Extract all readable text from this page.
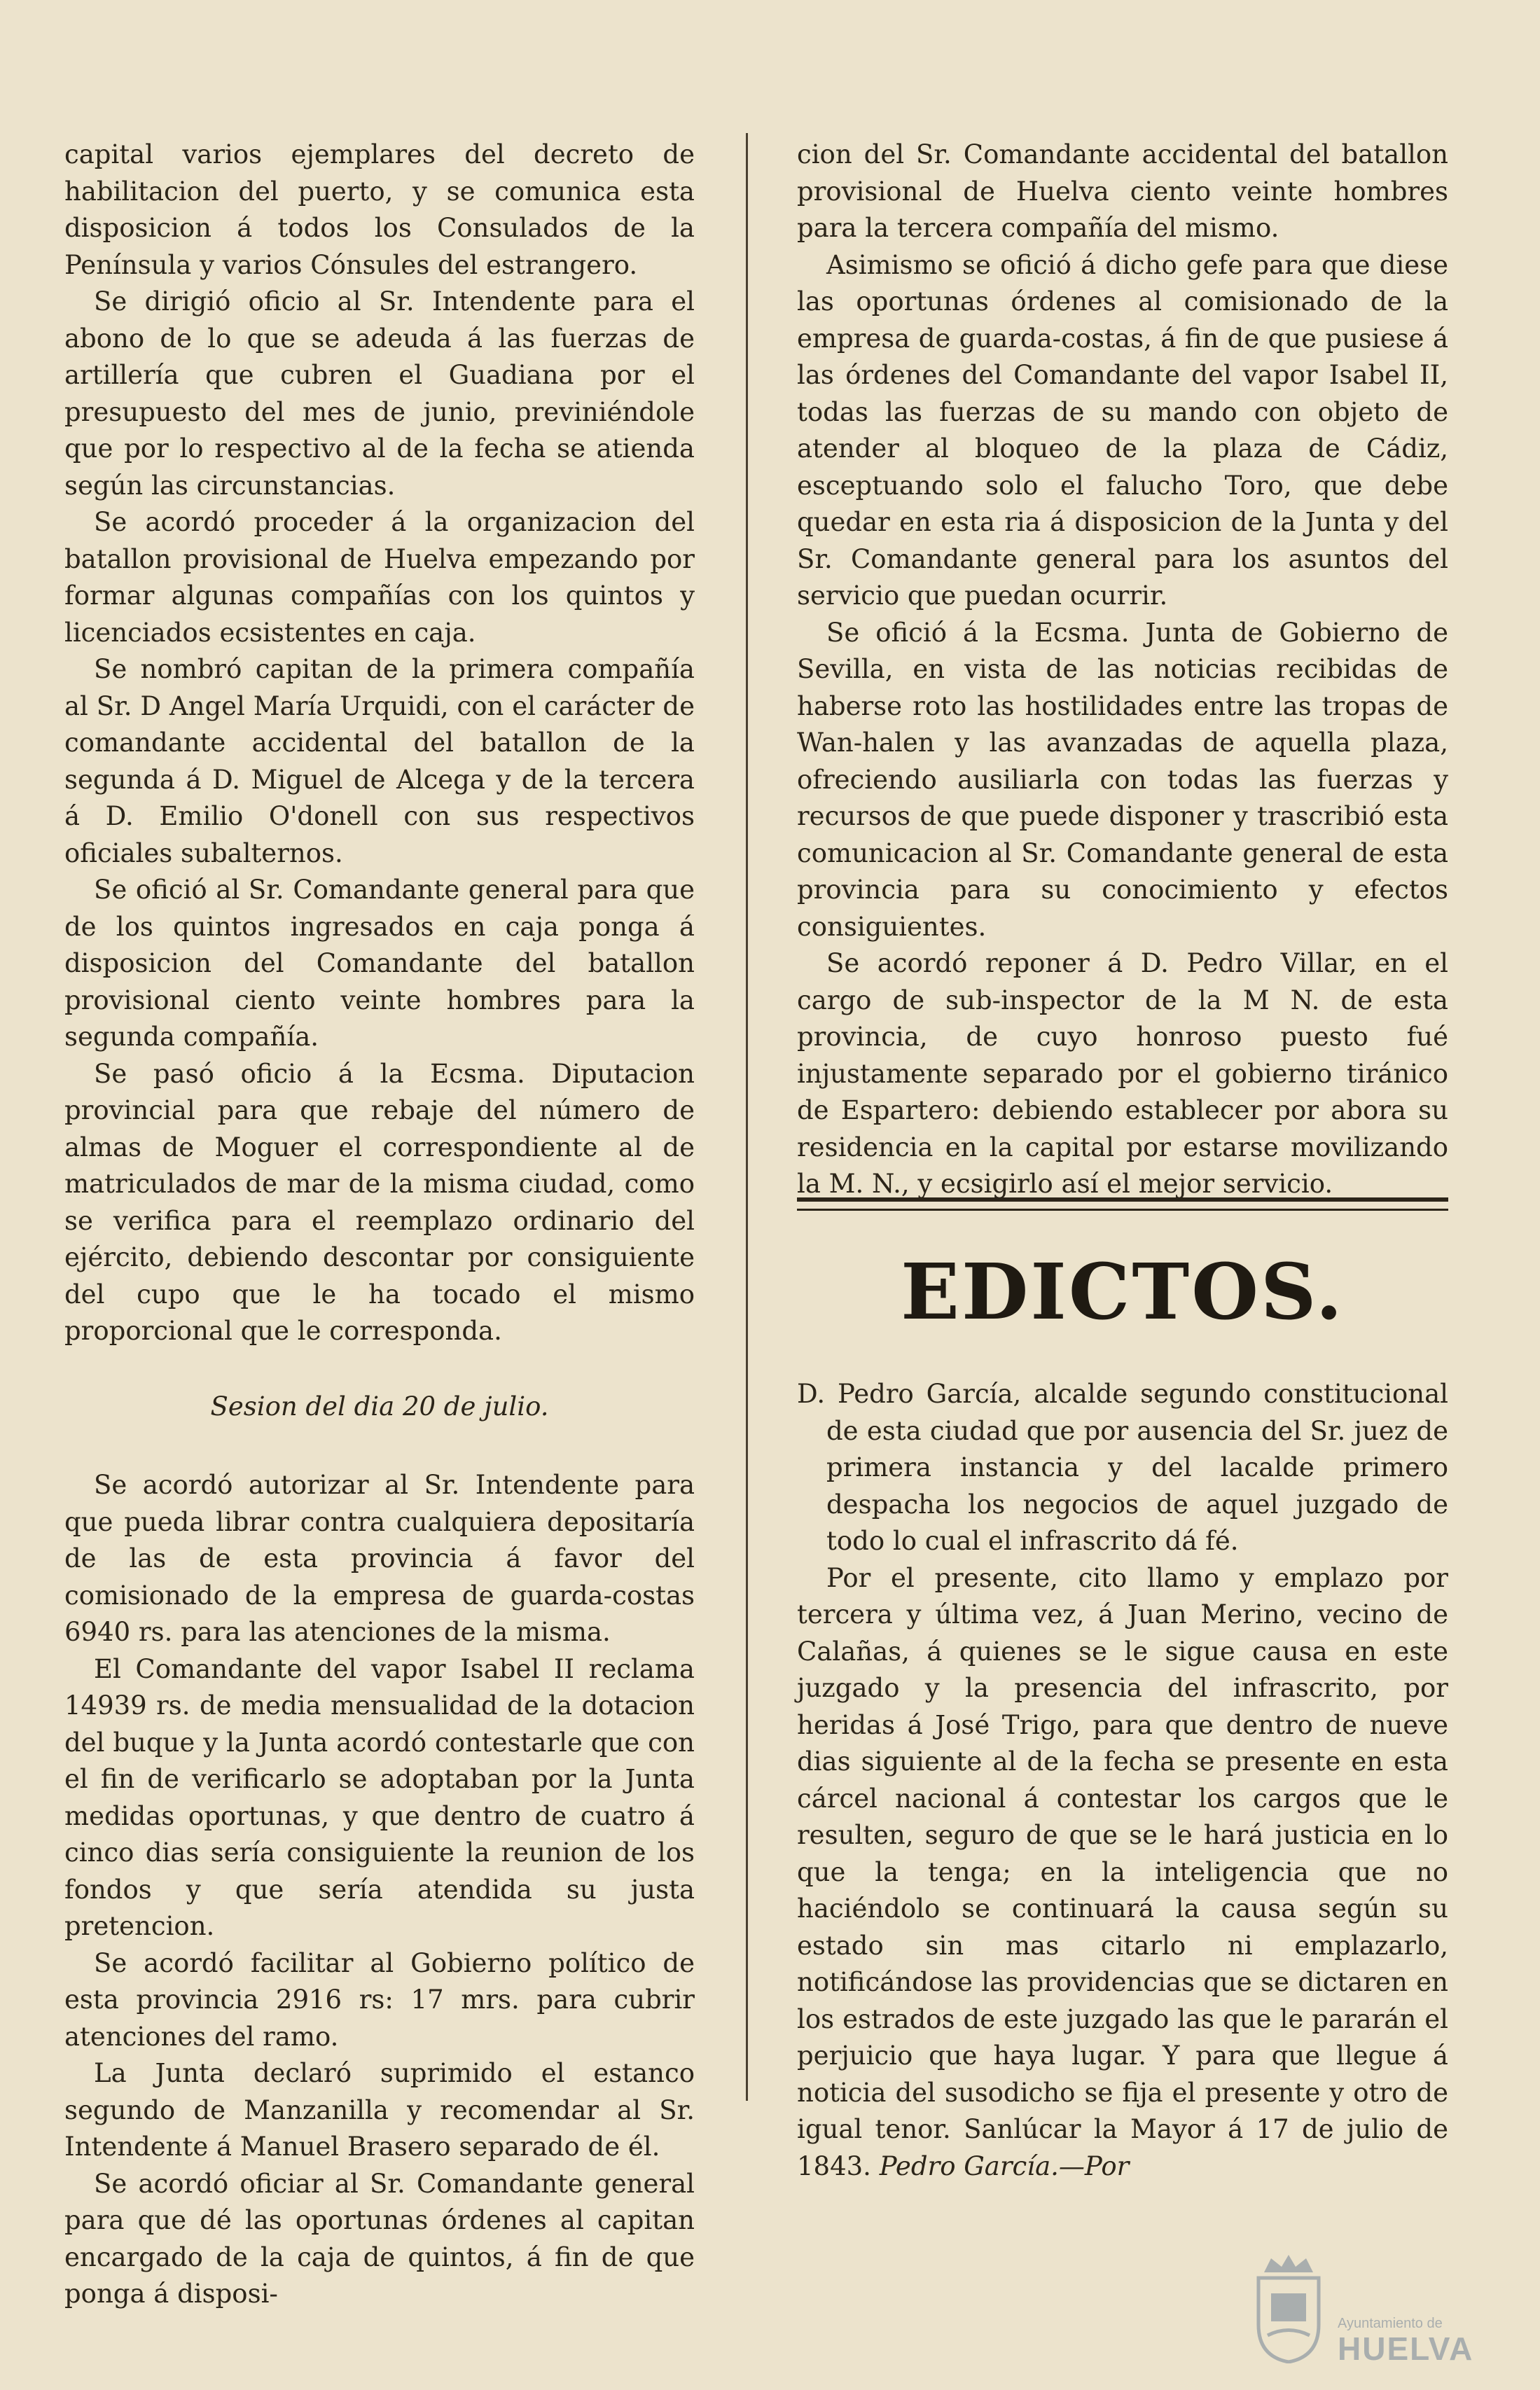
capital varios ejemplares del decreto de habilitacion del puerto, y se comunica esta disposicion á todos los Consulados de la Península y varios Cónsules del estrangero.

Se dirigió oficio al Sr. Intendente para el abono de lo que se adeuda á las fuerzas de artillería que cubren el Guadiana por el presupuesto del mes de junio, previniéndole que por lo respectivo al de la fecha se atienda según las circunstancias.

Se acordó proceder á la organizacion del batallon provisional de Huelva empezando por formar algunas compañías con los quintos y licenciados ecsistentes en caja.

Se nombró capitan de la primera compañía al Sr. D Angel María Urquidi, con el carácter de comandante accidental del batallon de la segunda á D. Miguel de Alcega y de la tercera á D. Emilio O'donell con sus respectivos oficiales subalternos.

Se ofició al Sr. Comandante general para que de los quintos ingresados en caja ponga á disposicion del Comandante del batallon provisional ciento veinte hombres para la segunda compañía.

Se pasó oficio á la Ecsma. Diputacion provincial para que rebaje del número de almas de Moguer el correspondiente al de matriculados de mar de la misma ciudad, como se verifica para el reemplazo ordinario del ejército, debiendo descontar por consiguiente del cupo que le ha tocado el mismo proporcional que le corresponda.

Sesion del dia 20 de julio.

Se acordó autorizar al Sr. Intendente para que pueda librar contra cualquiera depositaría de las de esta provincia á favor del comisionado de la empresa de guarda-costas 6940 rs. para las atenciones de la misma.

El Comandante del vapor Isabel II reclama 14939 rs. de media mensualidad de la dotacion del buque y la Junta acordó contestarle que con el fin de verificarlo se adoptaban por la Junta medidas oportunas, y que dentro de cuatro á cinco dias sería consiguiente la reunion de los fondos y que sería atendida su justa pretencion.

Se acordó facilitar al Gobierno político de esta provincia 2916 rs: 17 mrs. para cubrir atenciones del ramo.

La Junta declaró suprimido el estanco segundo de Manzanilla y recomendar al Sr. Intendente á Manuel Brasero separado de él.

Se acordó oficiar al Sr. Comandante general para que dé las oportunas órdenes al capitan encargado de la caja de quintos, á fin de que ponga á disposi-

cion del Sr. Comandante accidental del batallon provisional de Huelva ciento veinte hombres para la tercera compañía del mismo.

Asimismo se ofició á dicho gefe para que diese las oportunas órdenes al comisionado de la empresa de guarda-costas, á fin de que pusiese á las órdenes del Comandante del vapor Isabel II, todas las fuerzas de su mando con objeto de atender al bloqueo de la plaza de Cádiz, esceptuando solo el falucho Toro, que debe quedar en esta ria á disposicion de la Junta y del Sr. Comandante general para los asuntos del servicio que puedan ocurrir.

Se ofició á la Ecsma. Junta de Gobierno de Sevilla, en vista de las noticias recibidas de haberse roto las hostilidades entre las tropas de Wan-halen y las avanzadas de aquella plaza, ofreciendo ausiliarla con todas las fuerzas y recursos de que puede disponer y trascribió esta comunicacion al Sr. Comandante general de esta provincia para su conocimiento y efectos consiguientes.

Se acordó reponer á D. Pedro Villar, en el cargo de sub-inspector de la M N. de esta provincia, de cuyo honroso puesto fué injustamente separado por el gobierno tiránico de Espartero: debiendo establecer por abora su residencia en la capital por estarse movilizando la M. N., y ecsigirlo así el mejor servicio.

EDICTOS.

D. Pedro García, alcalde segundo constitucional de esta ciudad que por ausencia del Sr. juez de primera instancia y del lacalde primero despacha los negocios de aquel juzgado de todo lo cual el infrascrito dá fé.

Por el presente, cito llamo y emplazo por tercera y última vez, á Juan Merino, vecino de Calañas, á quienes se le sigue causa en este juzgado y la presencia del infrascrito, por heridas á José Trigo, para que dentro de nueve dias siguiente al de la fecha se presente en esta cárcel nacional á contestar los cargos que le resulten, seguro de que se le hará justicia en lo que la tenga; en la inteligencia que no haciéndolo se continuará la causa según su estado sin mas citarlo ni emplazarlo, notificándose las providencias que se dictaren en los estrados de este juzgado las que le pararán el perjuicio que haya lugar. Y para que llegue á noticia del susodicho se fija el presente y otro de igual tenor. Sanlúcar la Mayor á 17 de julio de 1843. Pedro García.—Por

Ayuntamiento de
HUELVA
